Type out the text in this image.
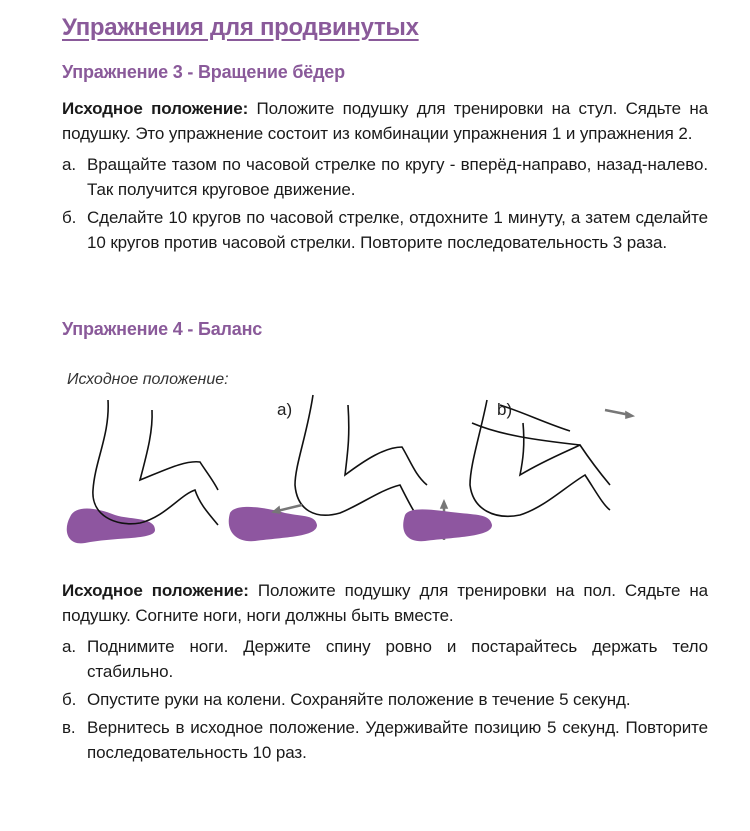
Упражнения для продвинутых
Упражнение 3 - Вращение бёдер
Исходное положение: Положите подушку для тренировки на стул. Сядьте на подушку. Это упражнение состоит из комбинации упражнения 1 и упражнения 2.
a. Вращайте тазом по часовой стрелке по кругу - вперёд-направо, назад-налево. Так получится круговое движение.
б. Сделайте 10 кругов по часовой стрелке, отдохните 1 минуту, а затем сделайте 10 кругов против часовой стрелки. Повторите последовательность 3 раза.
Упражнение 4 - Баланс
Исходное положение:
a)	b)
Исходное положение: Положите подушку для тренировки на пол. Сядьте на подушку. Согните ноги, ноги должны быть вместе.
a. Поднимите ноги. Держите спину ровно и постарайтесь держать тело стабильно.
б. Опустите руки на колени. Сохраняйте положение в течение 5 секунд.
в. Вернитесь в исходное положение. Удерживайте позицию 5 секунд. Повторите последовательность 10 раз.
